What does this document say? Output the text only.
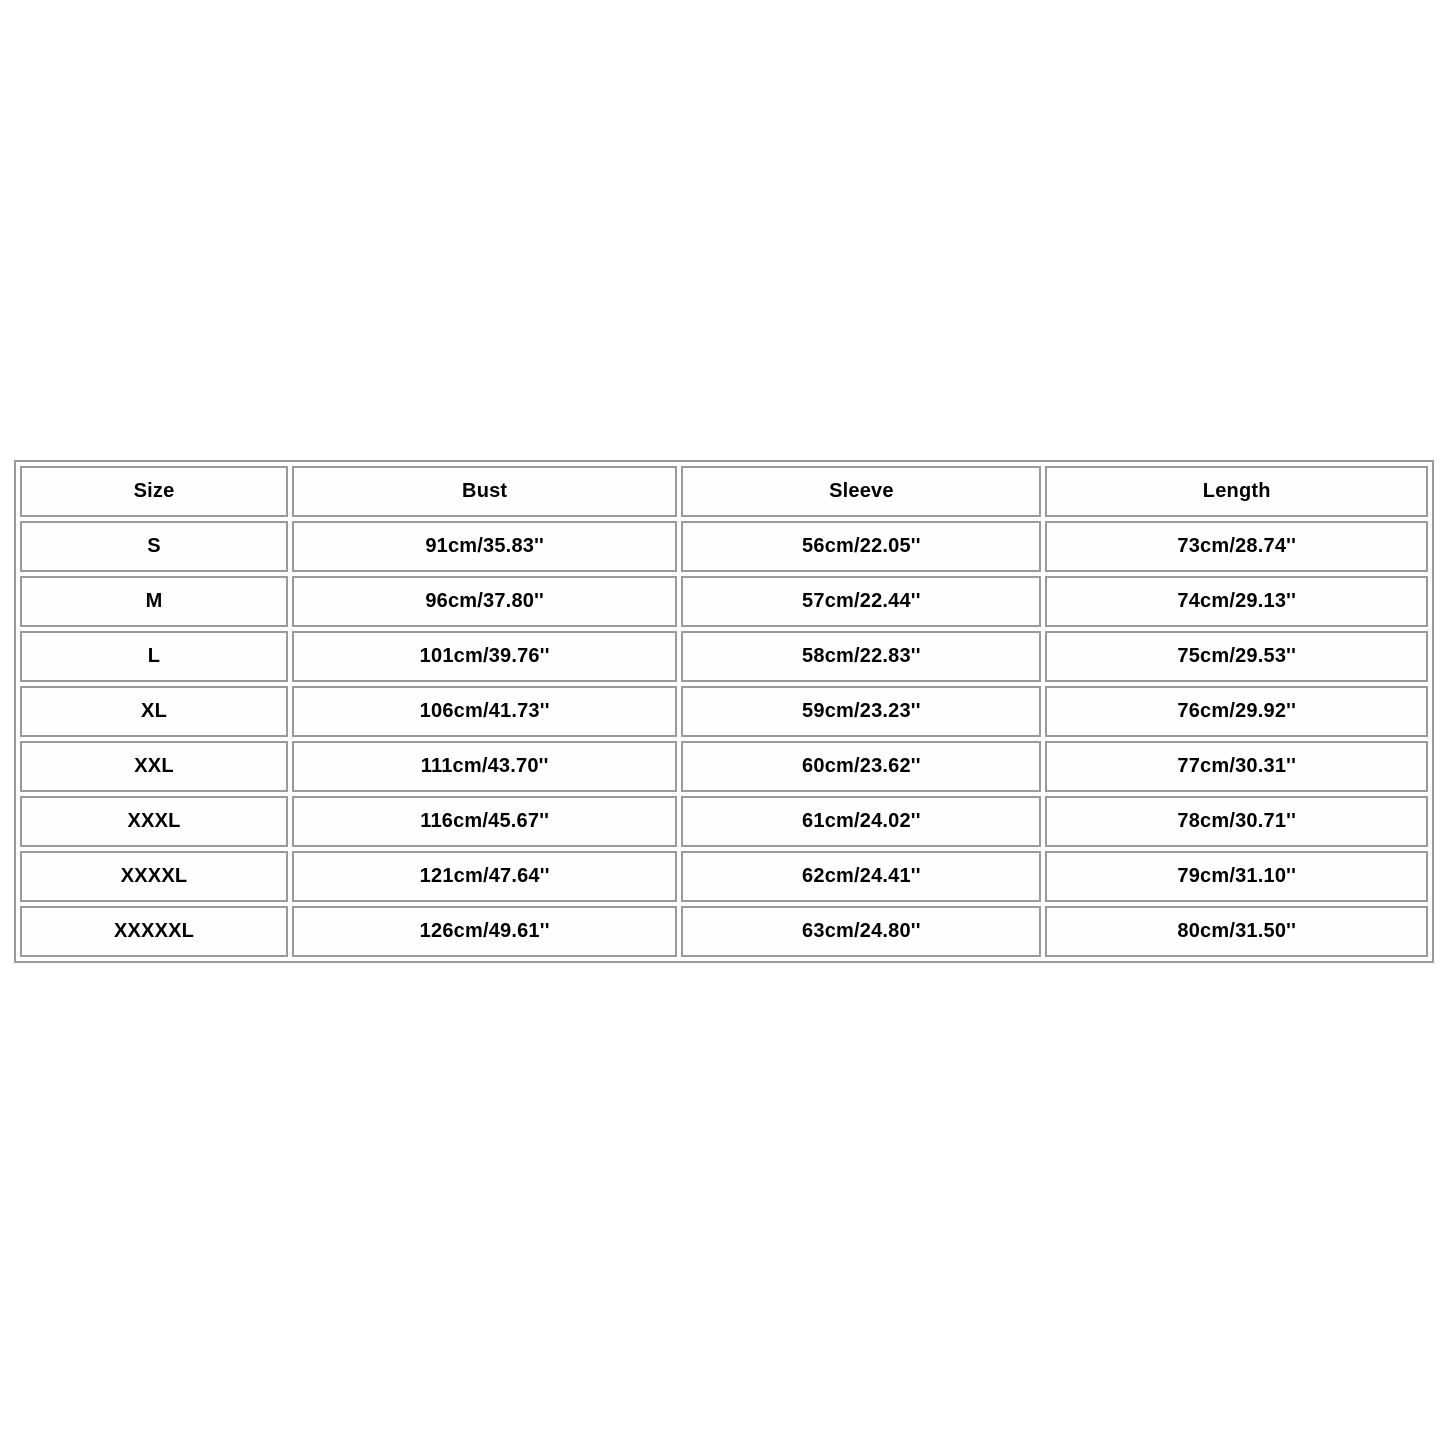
Size	Bust	Sleeve	Length
S	91cm/35.83''	56cm/22.05''	73cm/28.74''
M	96cm/37.80''	57cm/22.44''	74cm/29.13''
L	101cm/39.76''	58cm/22.83''	75cm/29.53''
XL	106cm/41.73''	59cm/23.23''	76cm/29.92''
XXL	111cm/43.70''	60cm/23.62''	77cm/30.31''
XXXL	116cm/45.67''	61cm/24.02''	78cm/30.71''
XXXXL	121cm/47.64''	62cm/24.41''	79cm/31.10''
XXXXXL	126cm/49.61''	63cm/24.80''	80cm/31.50''
